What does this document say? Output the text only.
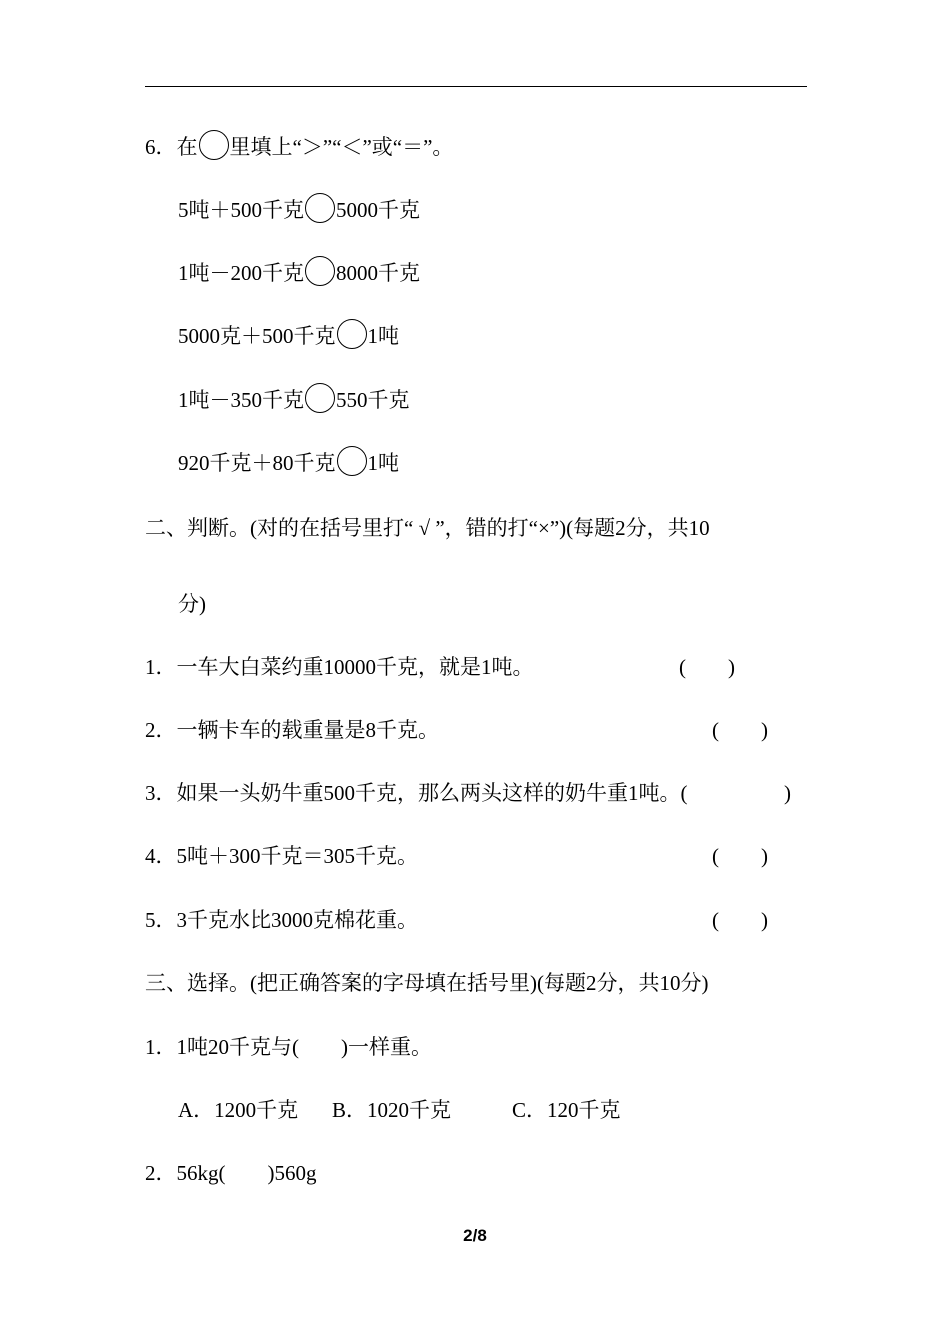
6．在 里填上“＞”“＜”或“＝”。
5吨＋500千克 5000千克
1吨－200千克 8000千克
5000克＋500千克 1吨
1吨－350千克 550千克
920千克＋80千克 1吨
二、判断。(对的在括号里打“ √ ”，错的打“×”)(每题2分，共10
分)
1．一车大白菜约重10000千克，就是1吨。	(　　)
2．一辆卡车的载重量是8千克。	(　　)
3．如果一头奶牛重500千克，那么两头这样的奶牛重1吨。(	)
4．5吨＋300千克＝305千克。	(　　)
5．3千克水比3000克棉花重。	(　　)
三、选择。(把正确答案的字母填在括号里)(每题2分，共10分)
1．1吨20千克与(　　)一样重。
A．1200千克 B．1020千克	C．120千克
2．56kg(　　)560g
2/8
